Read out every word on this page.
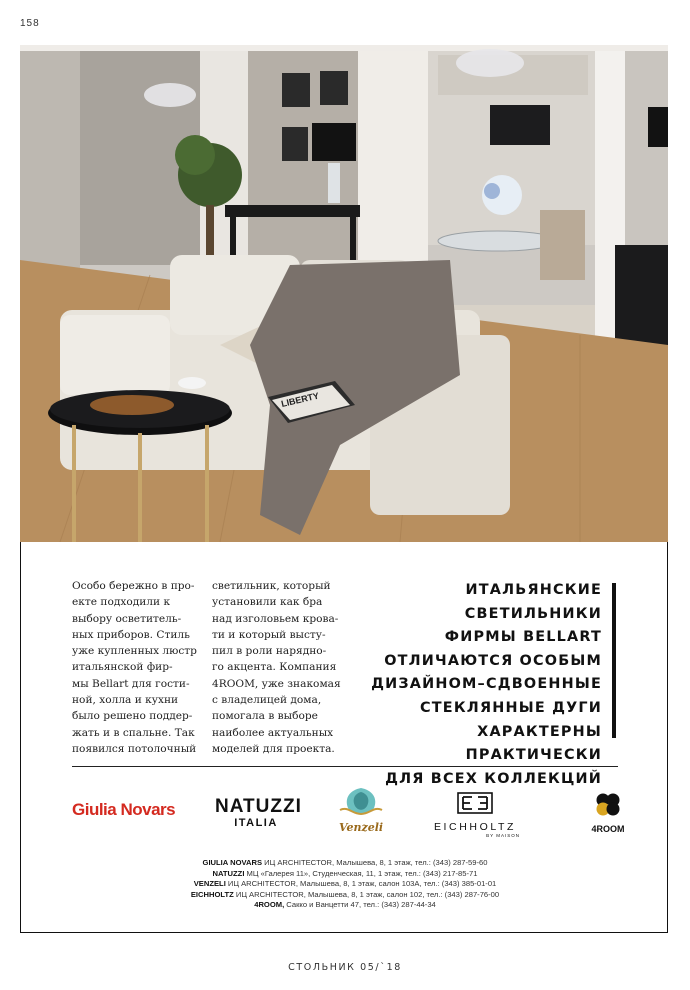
158
LIBERTY
Особо бережно в про-
екте подходили к
выбору осветитель-
ных приборов. Стиль
уже купленных люстр
итальянской фир-
мы Bellart для гости-
ной, холла и кухни
было решено поддер-
жать и в спальне. Так
появился потолочный
светильник, который
установили как бра
над изголовьем крова-
ти и который высту-
пил в роли нарядно-
го акцента. Компания
4ROOM, уже знакомая
с владелицей дома,
помогала в выборе
наиболее актуальных
моделей для проекта.
ИТАЛЬЯНСКИЕ СВЕТИЛЬНИКИ
ФИРМЫ BELLART
ОТЛИЧАЮТСЯ ОСОБЫМ
ДИЗАЙНОМ–СДВОЕННЫЕ
СТЕКЛЯННЫЕ ДУГИ
ХАРАКТЕРНЫ ПРАКТИЧЕСКИ
ДЛЯ ВСЕХ КОЛЛЕКЦИЙ
Giulia Novars NATUZZI
ITALIA	Venzeli	EICHHOLTZ
BY MAISON
4ROOM
GIULIA NOVARS ИЦ ARCHITECTOR, Малышева, 8, 1 этаж, тел.: (343) 287-59-60
NATUZZI МЦ «Галерея 11», Студенческая, 11, 1 этаж, тел.: (343) 217-85-71
VENZELI ИЦ ARCHITECTOR, Малышева, 8, 1 этаж, салон 103А, тел.: (343) 385-01-01
EICHHOLTZ ИЦ ARCHITECTOR, Малышева, 8, 1 этаж, салон 102, тел.: (343) 287-76-00
4ROOM, Сакко и Ванцетти 47, тел.: (343) 287-44-34
СТОЛЬНИК 05/`18
